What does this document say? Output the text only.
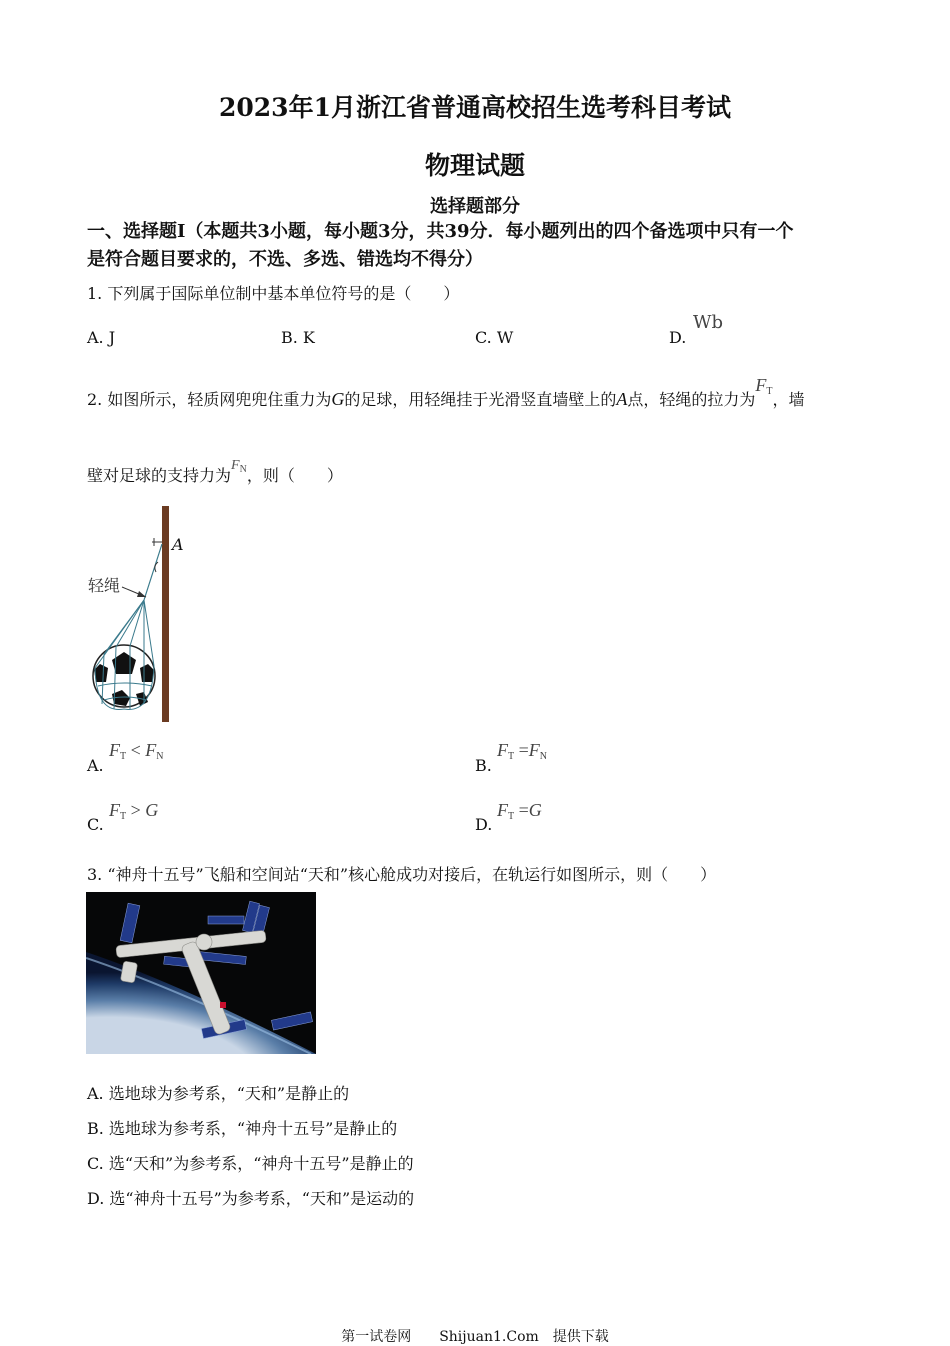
2023年1月浙江省普通高校招生选考科目考试
物理试题
选择题部分
一、选择题Ⅰ（本题共3小题，每小题3分，共39分．每小题列出的四个备选项中只有一个
是符合题目要求的，不选、多选、错选均不得分）
1. 下列属于国际单位制中基本单位符号的是（　　）
A. J	B. K	C. W	D.
Wb
2. 如图所示，轻质网兜兜住重力为G的足球，用轻绳挂于光滑竖直墙壁上的A点，轻绳的拉力为$F_T$，墙
壁对足球的支持力为$F_N$，则（　　）
A
轻绳
A.
$F_T < F_N$	B.
$F_T =F_N$
C.
$F_T > G$
D.
$F_T =G$
3. “神舟十五号”飞船和空间站“天和”核心舱成功对接后，在轨运行如图所示，则（　　）
A. 选地球为参考系，“天和”是静止的
B. 选地球为参考系，“神舟十五号”是静止的
C. 选“天和”为参考系，“神舟十五号”是静止的
D. 选“神舟十五号”为参考系，“天和”是运动的
第一试卷网　　Shijuan1.Com　提供下载
